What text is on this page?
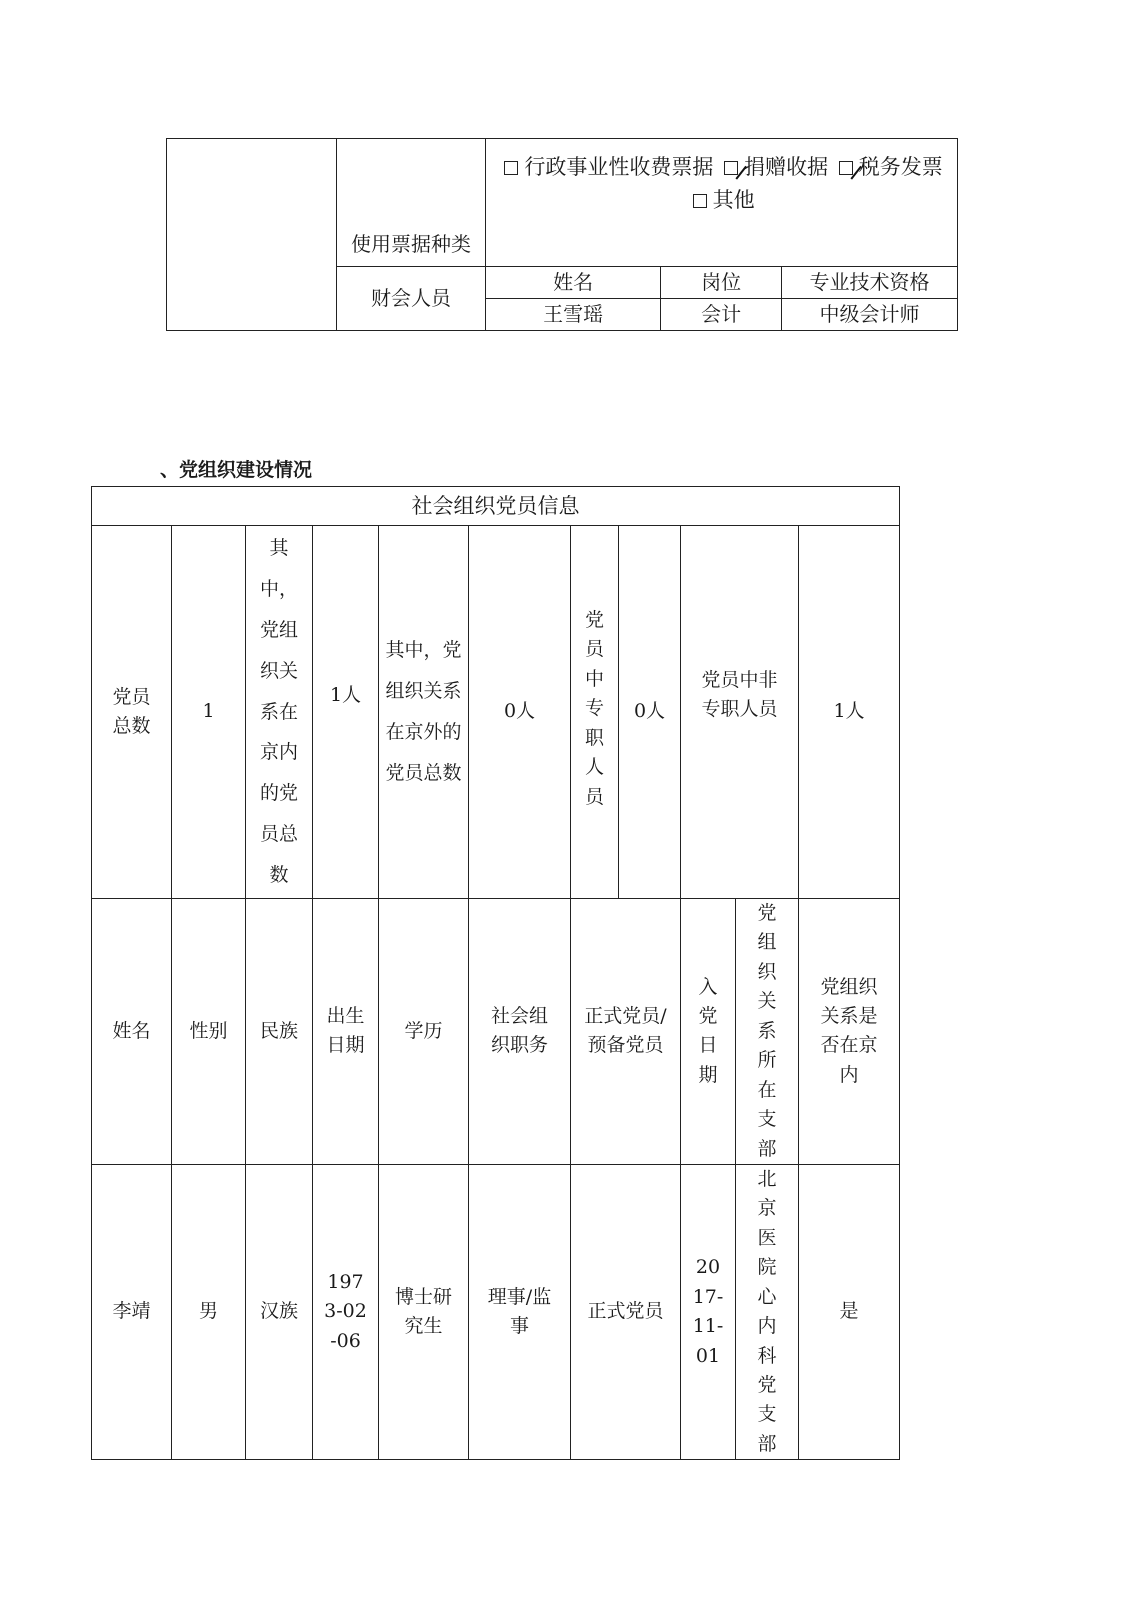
	使用票据种类	行政事业性收费票据 捐赠收据 税务发票 其他		
	财会人员	姓名	岗位	专业技术资格
		王雪瑶	会计	中级会计师
、党组织建设情况
社会组织党员信息										

党员总数	1	其中，党组织关系在京内的党员总数	1人	其中，党组织关系在京外的党员总数	0人	党员中专职人员	0人	党员中非专职人员		1人
姓名	性别	民族	出生日期	学历	社会组织职务	正式党员/预备党员		入党日期	党组织关系所在支部	党组织关系是否在京内

李靖	男	汉族	1973-02-06	博士研究生	理事/监事	正式党员		2017-11-01	北京医院心内科党支部	是
